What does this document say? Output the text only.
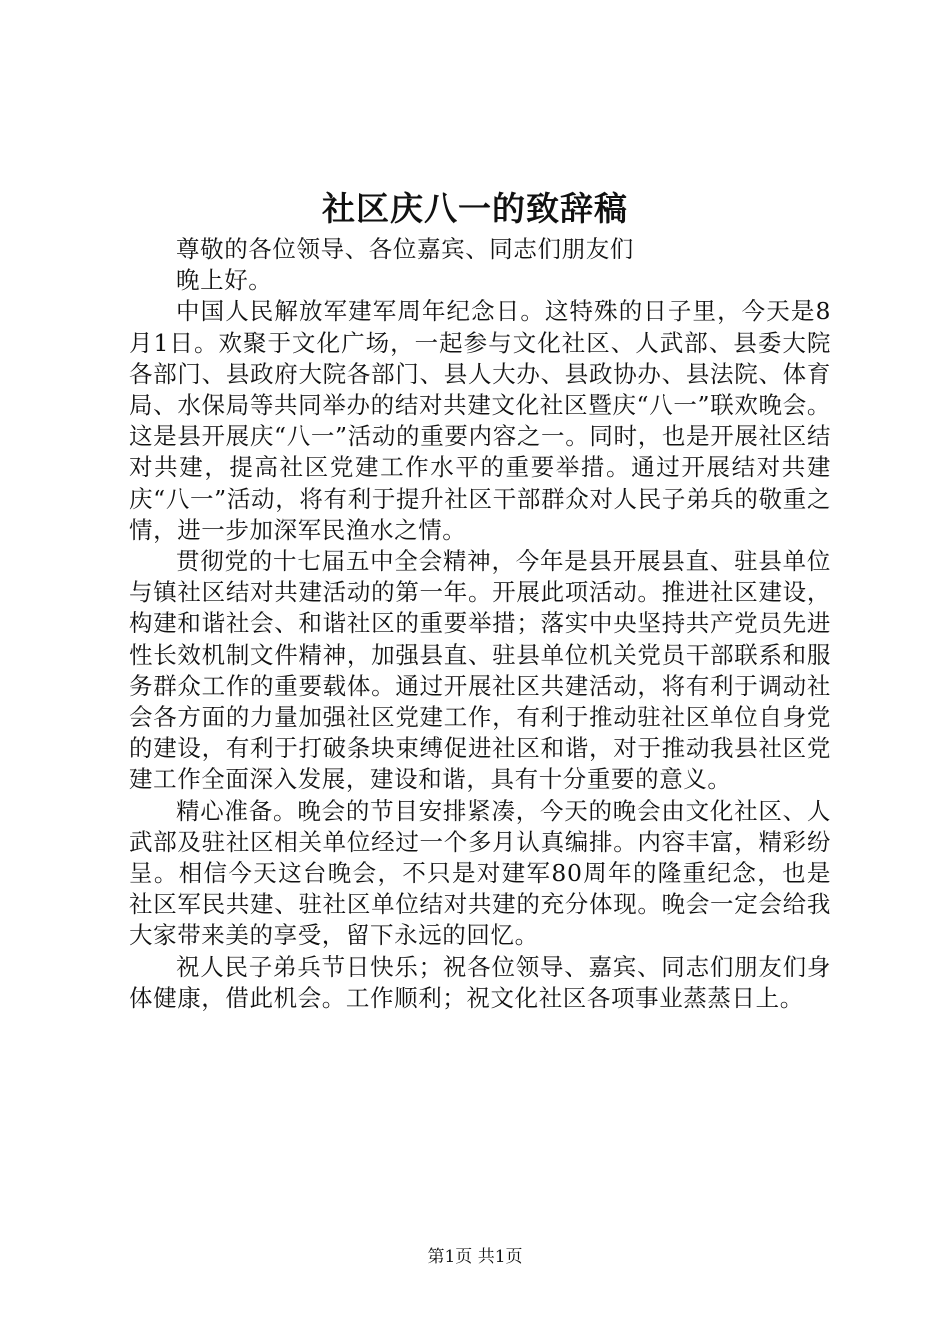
社区庆八一的致辞稿

尊敬的各位领导、各位嘉宾、同志们朋友们

晚上好。

中国人民解放军建军周年纪念日。这特殊的日子里，今天是8月1日。欢聚于文化广场，一起参与文化社区、人武部、县委大院各部门、县政府大院各部门、县人大办、县政协办、县法院、体育局、水保局等共同举办的结对共建文化社区暨庆“八一”联欢晚会。这是县开展庆“八一”活动的重要内容之一。同时，也是开展社区结对共建，提高社区党建工作水平的重要举措。通过开展结对共建庆“八一”活动，将有利于提升社区干部群众对人民子弟兵的敬重之情，进一步加深军民渔水之情。

贯彻党的十七届五中全会精神，今年是县开展县直、驻县单位与镇社区结对共建活动的第一年。开展此项活动。推进社区建设，构建和谐社会、和谐社区的重要举措；落实中央坚持共产党员先进性长效机制文件精神，加强县直、驻县单位机关党员干部联系和服务群众工作的重要载体。通过开展社区共建活动，将有利于调动社会各方面的力量加强社区党建工作，有利于推动驻社区单位自身党的建设，有利于打破条块束缚促进社区和谐，对于推动我县社区党建工作全面深入发展，建设和谐，具有十分重要的意义。

精心准备。晚会的节目安排紧凑，今天的晚会由文化社区、人武部及驻社区相关单位经过一个多月认真编排。内容丰富，精彩纷呈。相信今天这台晚会，不只是对建军80周年的隆重纪念，也是社区军民共建、驻社区单位结对共建的充分体现。晚会一定会给我大家带来美的享受，留下永远的回忆。

祝人民子弟兵节日快乐；祝各位领导、嘉宾、同志们朋友们身体健康，借此机会。工作顺利；祝文化社区各项事业蒸蒸日上。

第1页 共1页
